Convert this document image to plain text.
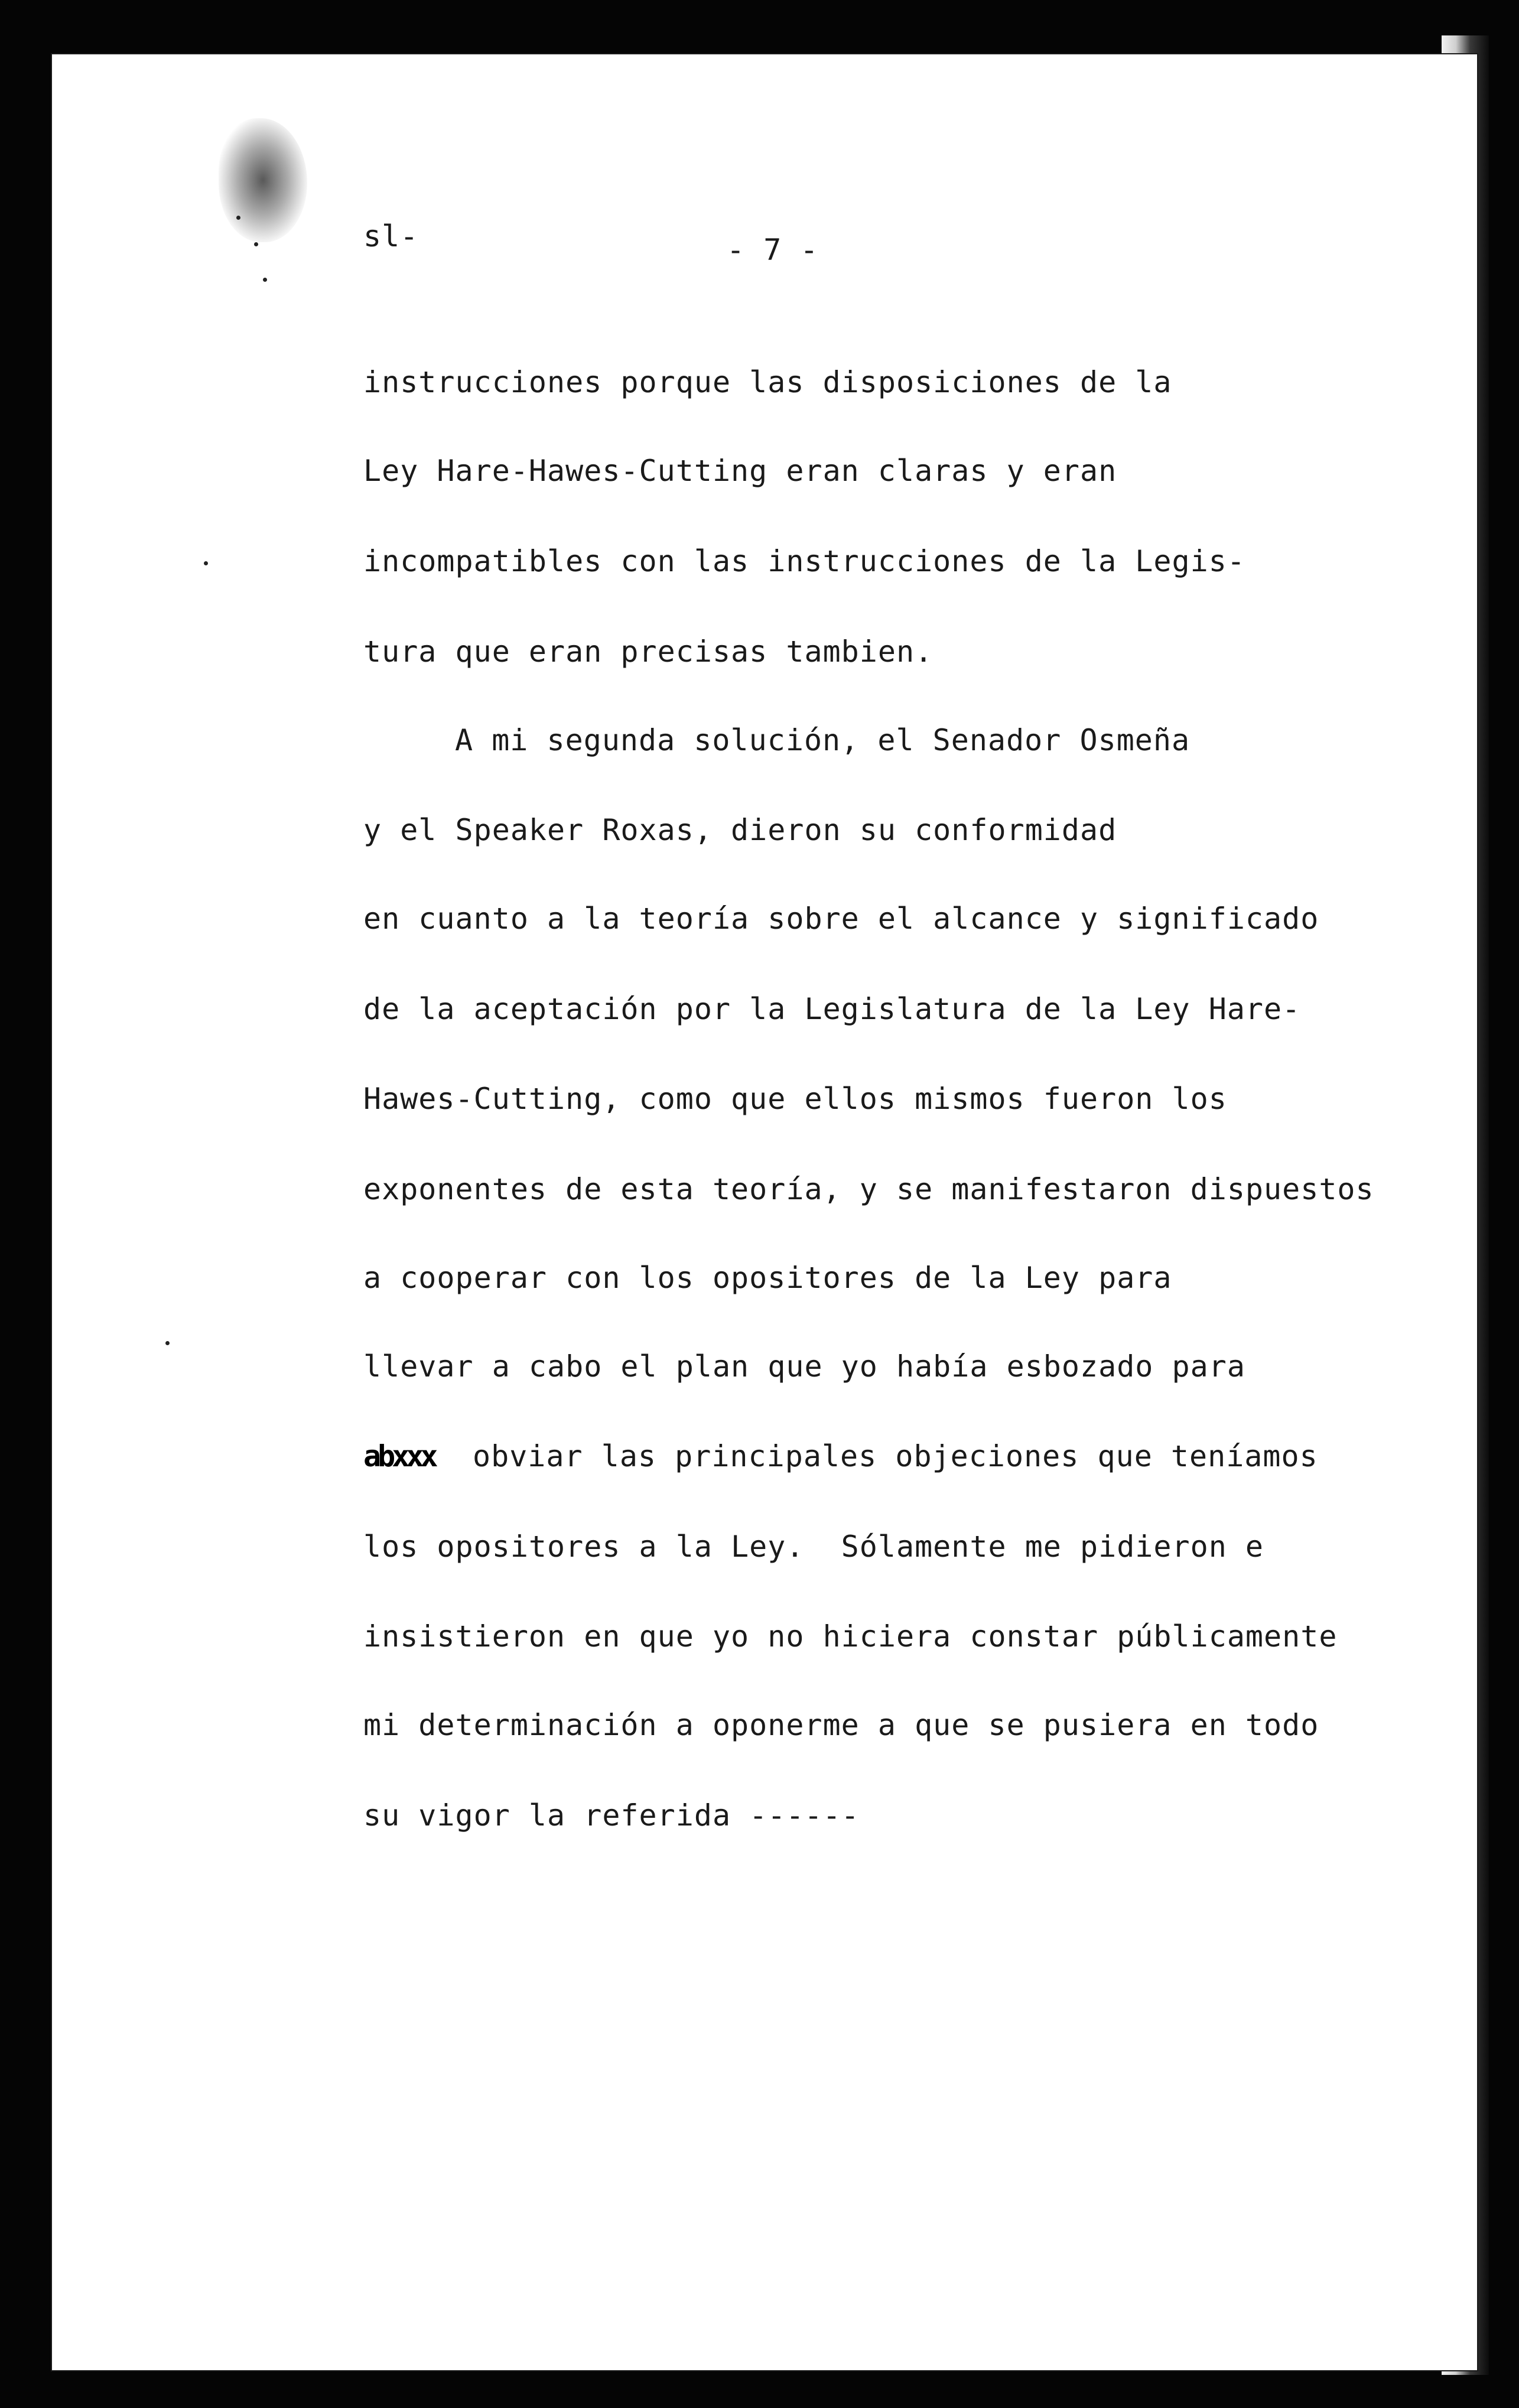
sl-	- 7 -
instrucciones porque las disposiciones de la
Ley Hare-Hawes-Cutting eran claras y eran
incompatibles con las instrucciones de la Legis-
tura que eran precisas tambien.
A mi segunda solución, el Senador Osmeña
y el Speaker Roxas, dieron su conformidad
en cuanto a la teoría sobre el alcance y significado
de la aceptación por la Legislatura de la Ley Hare-
Hawes-Cutting, como que ellos mismos fueron los
exponentes de esta teoría, y se manifestaron dispuestos
a cooperar con los opositores de la Ley para
llevar a cabo el plan que yo había esbozado para
abxxx obviar las principales objeciones que teníamos
los opositores a la Ley.  Sólamente me pidieron e
insistieron en que yo no hiciera constar públicamente
mi determinación a oponerme a que se pusiera en todo
su vigor la referida ------
